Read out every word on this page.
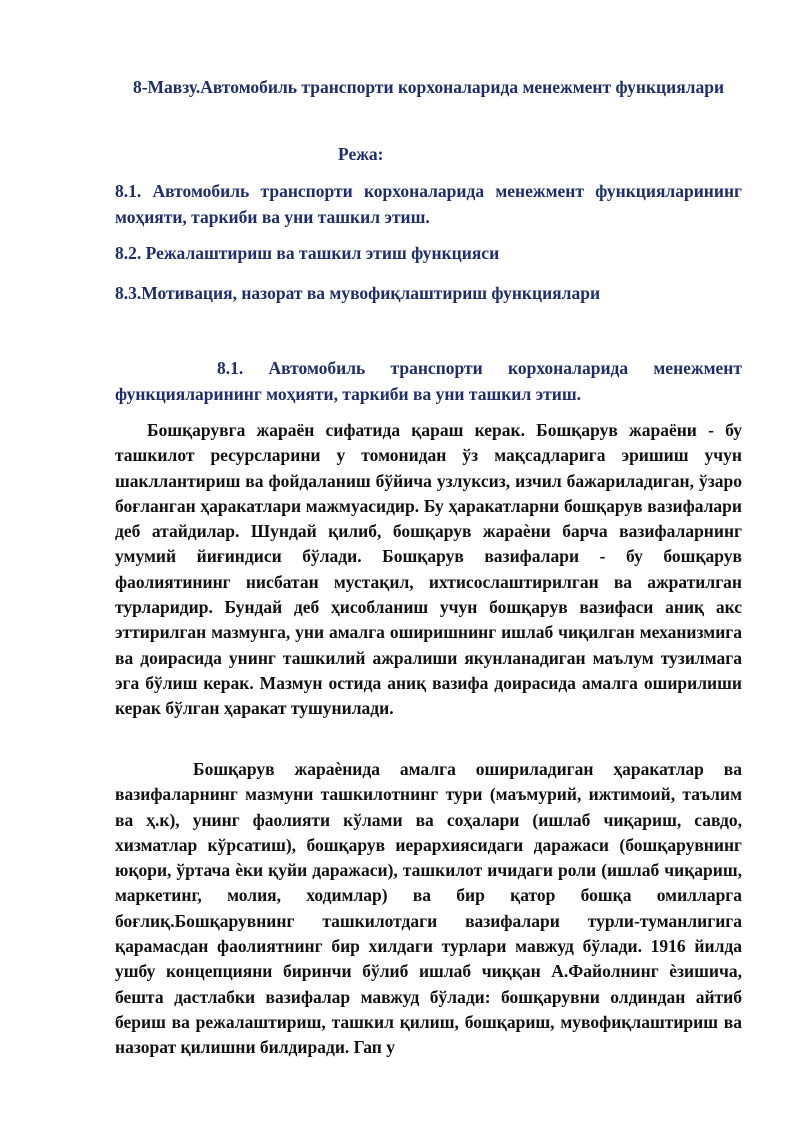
8-Мавзу.Автомобиль транспорти корхоналарида менежмент функциялари
Режа:
8.1. Автомобиль транспорти корхоналарида менежмент функцияларининг моҳияти, таркиби ва уни ташкил этиш.
8.2. Режалаштириш ва ташкил этиш функцияси
8.3.Мотивация, назорат ва мувофиқлаштириш функциялари
8.1. Автомобиль транспорти корхоналарида менежмент функцияларининг моҳияти, таркиби ва уни ташкил этиш.
Бошқарувга жараён сифатида қараш керак. Бошқарув жараёни - бу ташкилот ресурсларини у томонидан ўз мақсадларига эришиш учун шакллантириш ва фойдаланиш бўйича узлуксиз, изчил бажариладиган, ўзаро боғланган ҳаракатлари мажмуасидир. Бу ҳаракатларни бошқарув вазифалари деб атайдилар. Шундай қилиб, бошқарув жараѐни барча вазифаларнинг умумий йиғиндиси бўлади. Бошқарув вазифалари - бу бошқарув фаолиятининг нисбатан мустақил, ихтисослаштирилган ва ажратилган турларидир. Бундай деб ҳисобланиш учун бошқарув вазифаси аниқ акс эттирилган мазмунга, уни амалга оширишнинг ишлаб чиқилган механизмига ва доирасида унинг ташкилий ажралиши якунланадиган маълум тузилмага эга бўлиш керак. Мазмун остида аниқ вазифа доирасида амалга оширилиши керак бўлган ҳаракат тушунилади.
Бошқарув жараѐнида амалга ошириладиган ҳаракатлар ва вазифаларнинг мазмуни ташкилотнинг тури (маъмурий, ижтимоий, таълим ва ҳ.к), унинг фаолияти кўлами ва соҳалари (ишлаб чиқариш, савдо, хизматлар кўрсатиш), бошқарув иерархиясидаги даражаси (бошқарувнинг юқори, ўртача ѐки қуйи даражаси), ташкилот ичидаги роли (ишлаб чиқариш, маркетинг, молия, ходимлар) ва бир қатор бошқа омилларга боғлиқ.Бошқарувнинг ташкилотдаги вазифалари турли-туманлигига қарамасдан фаолиятнинг бир хилдаги турлари мавжуд бўлади. 1916 йилда ушбу концепцияни биринчи бўлиб ишлаб чиққан А.Файолнинг ѐзишича, бешта дастлабки вазифалар мавжуд бўлади: бошқарувни олдиндан айтиб бериш ва режалаштириш, ташкил қилиш, бошқариш, мувофиқлаштириш ва назорат қилишни билдиради. Гап у
